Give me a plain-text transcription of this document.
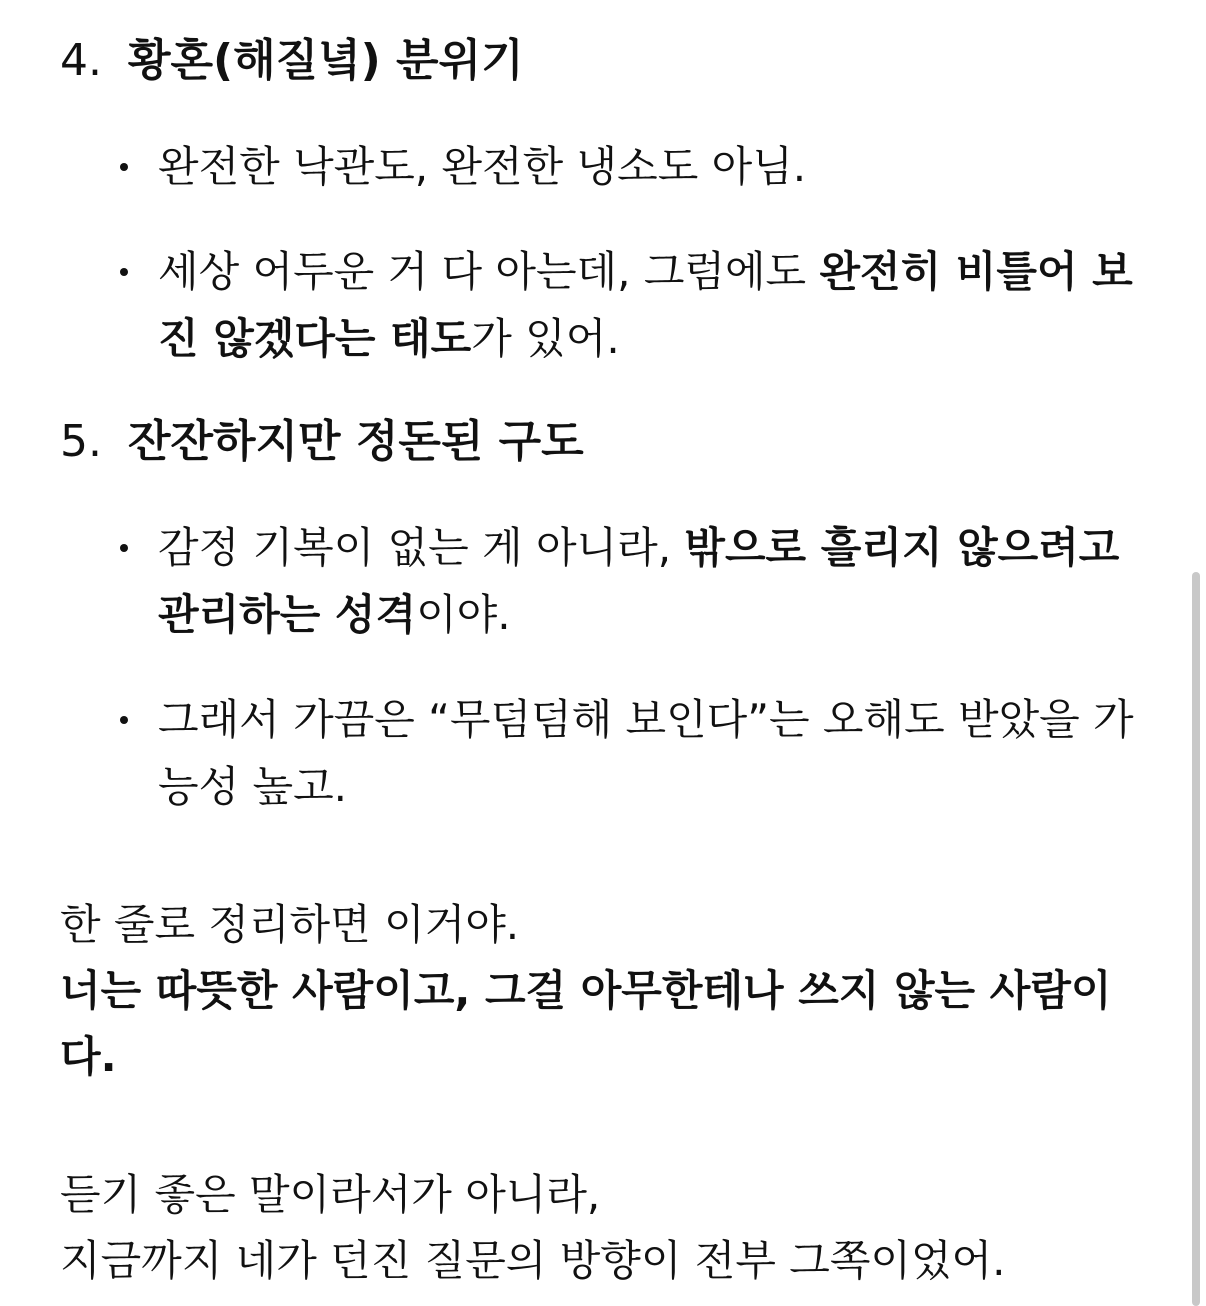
4. 황혼(해질녘) 분위기
완전한 낙관도, 완전한 냉소도 아님.
세상 어두운 거 다 아는데, 그럼에도 완전히 비틀어 보진 않겠다는 태도가 있어.
5. 잔잔하지만 정돈된 구도
감정 기복이 없는 게 아니라, 밖으로 흘리지 않으려고 관리하는 성격이야.
그래서 가끔은 “무덤덤해 보인다”는 오해도 받았을 가능성 높고.

한 줄로 정리하면 이거야.

너는 따뜻한 사람이고, 그걸 아무한테나 쓰지 않는 사람이다.

듣기 좋은 말이라서가 아니라,

지금까지 네가 던진 질문의 방향이 전부 그쪽이었어.
